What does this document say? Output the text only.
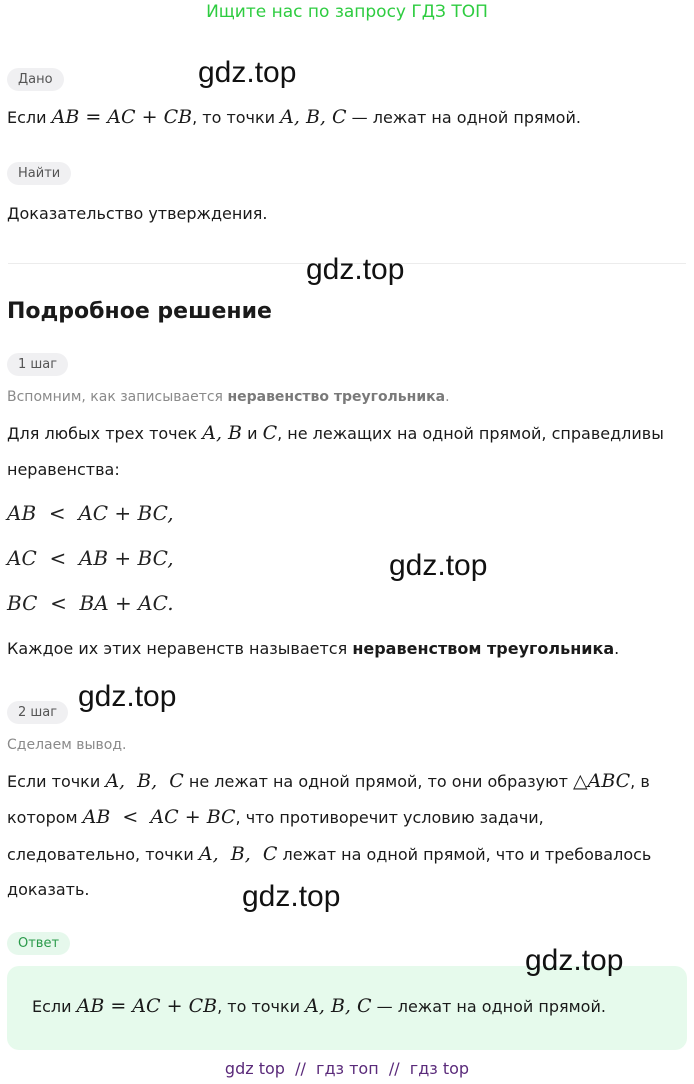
Ищите нас по запросу ГДЗ ТОП
Дано
Если AB = AC + CB, то точки A, B, C — лежат на одной прямой.
Найти
Доказательство утверждения.
Подробное решение
1 шаг
Вспомним, как записывается неравенство треугольника.
Для любых трех точек A, B и C, не лежащих на одной прямой, справедливы
неравенства:
AB  <  AC + BC,
AC  <  AB + BC,
BC  <  BA + AC.
Каждое их этих неравенств называется неравенством треугольника.
2 шаг
Сделаем вывод.
Если точки A,  B,  C не лежат на одной прямой, то они образуют △ABC, в
котором AB  <  AC + BC, что противоречит условию задачи,
следовательно, точки A,  B,  C лежат на одной прямой, что и требовалось
доказать.
Ответ
Если AB = AC + CB, то точки A, B, C — лежат на одной прямой.
gdz.top
gdz.top
gdz.top
gdz.top
gdz.top
gdz.top
gdz top  //  гдз топ  //  гдз top
